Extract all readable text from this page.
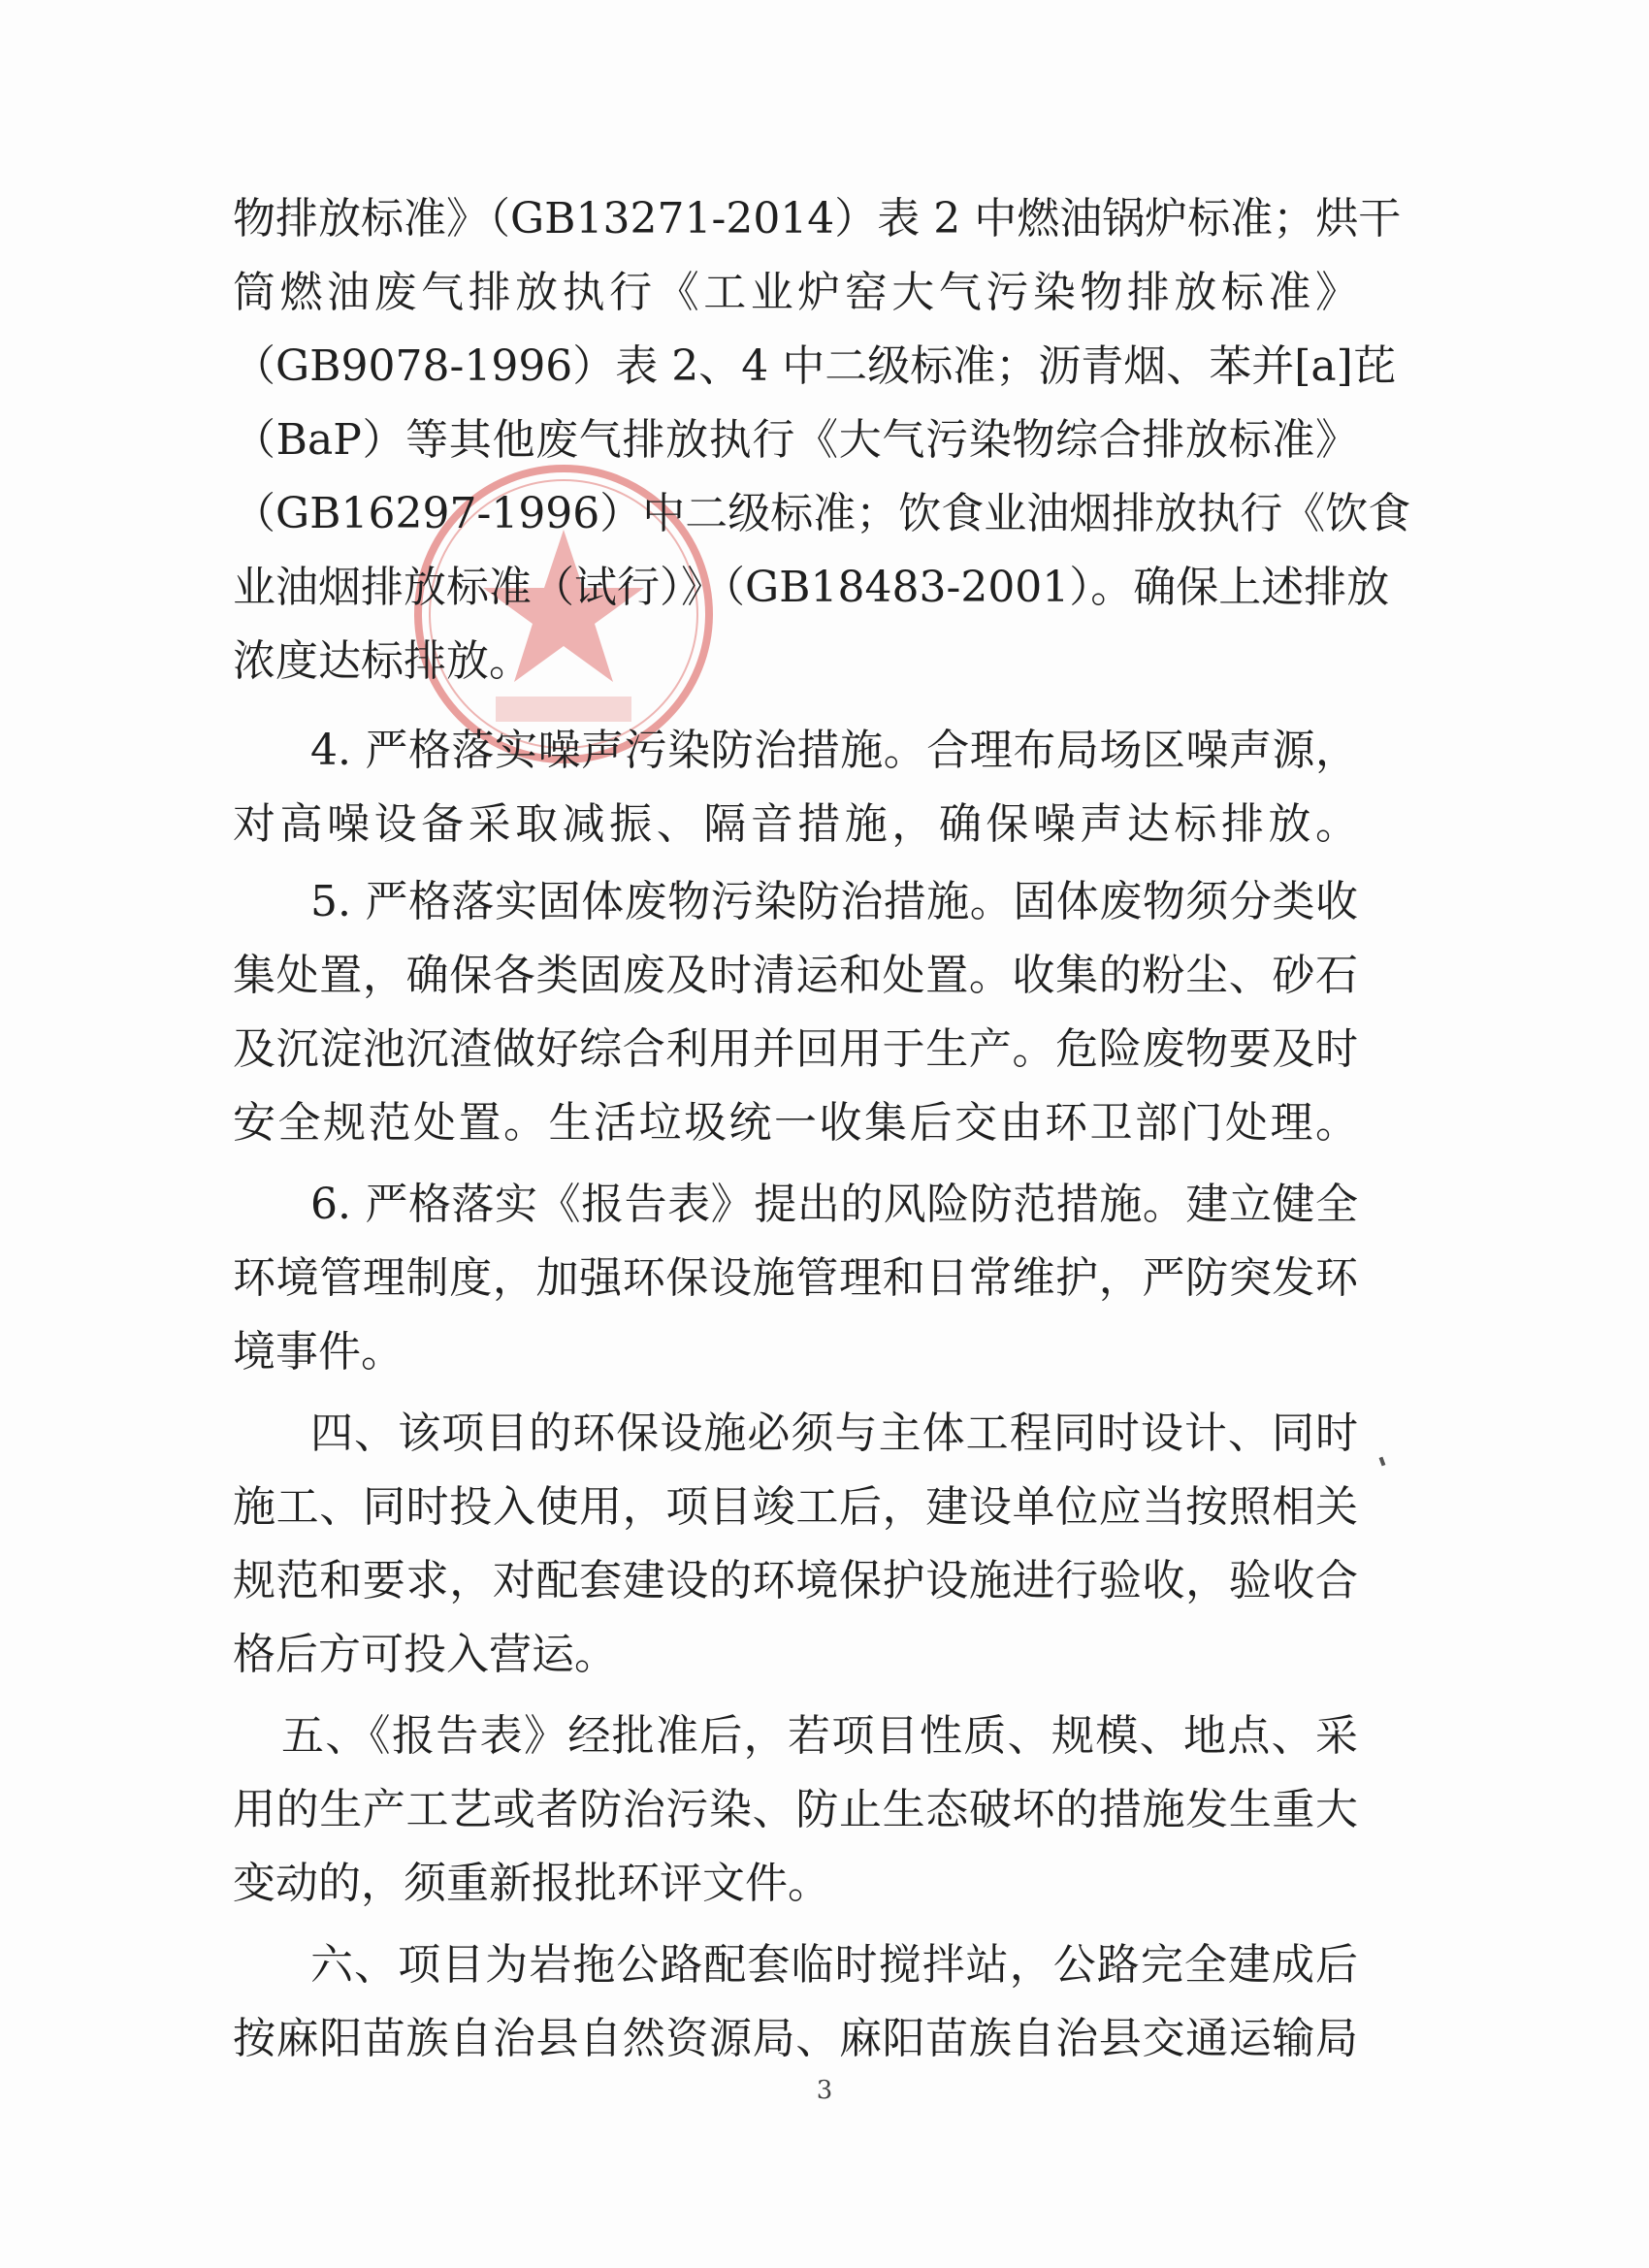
物排放标准》（GB13271-2014）表 2 中燃油锅炉标准；烘干
筒燃油废气排放执行《工业炉窑大气污染物排放标准》
（GB9078-1996）表 2、4 中二级标准；沥青烟、苯并[a]芘
（BaP）等其他废气排放执行《大气污染物综合排放标准》
（GB16297-1996）中二级标准；饮食业油烟排放执行《饮食
业油烟排放标准（试行）》（GB18483-2001）。确保上述排放
浓度达标排放。
4. 严格落实噪声污染防治措施。合理布局场区噪声源，
对高噪设备采取减振、隔音措施，确保噪声达标排放。
5. 严格落实固体废物污染防治措施。固体废物须分类收
集处置，确保各类固废及时清运和处置。收集的粉尘、砂石
及沉淀池沉渣做好综合利用并回用于生产。危险废物要及时
安全规范处置。生活垃圾统一收集后交由环卫部门处理。
6. 严格落实《报告表》提出的风险防范措施。建立健全
环境管理制度，加强环保设施管理和日常维护，严防突发环
境事件。
四、该项目的环保设施必须与主体工程同时设计、同时
施工、同时投入使用，项目竣工后，建设单位应当按照相关
规范和要求，对配套建设的环境保护设施进行验收，验收合
格后方可投入营运。
五、《报告表》经批准后，若项目性质、规模、地点、采
用的生产工艺或者防治污染、防止生态破坏的措施发生重大
变动的，须重新报批环评文件。
六、项目为岩拖公路配套临时搅拌站，公路完全建成后
按麻阳苗族自治县自然资源局、麻阳苗族自治县交通运输局
3
